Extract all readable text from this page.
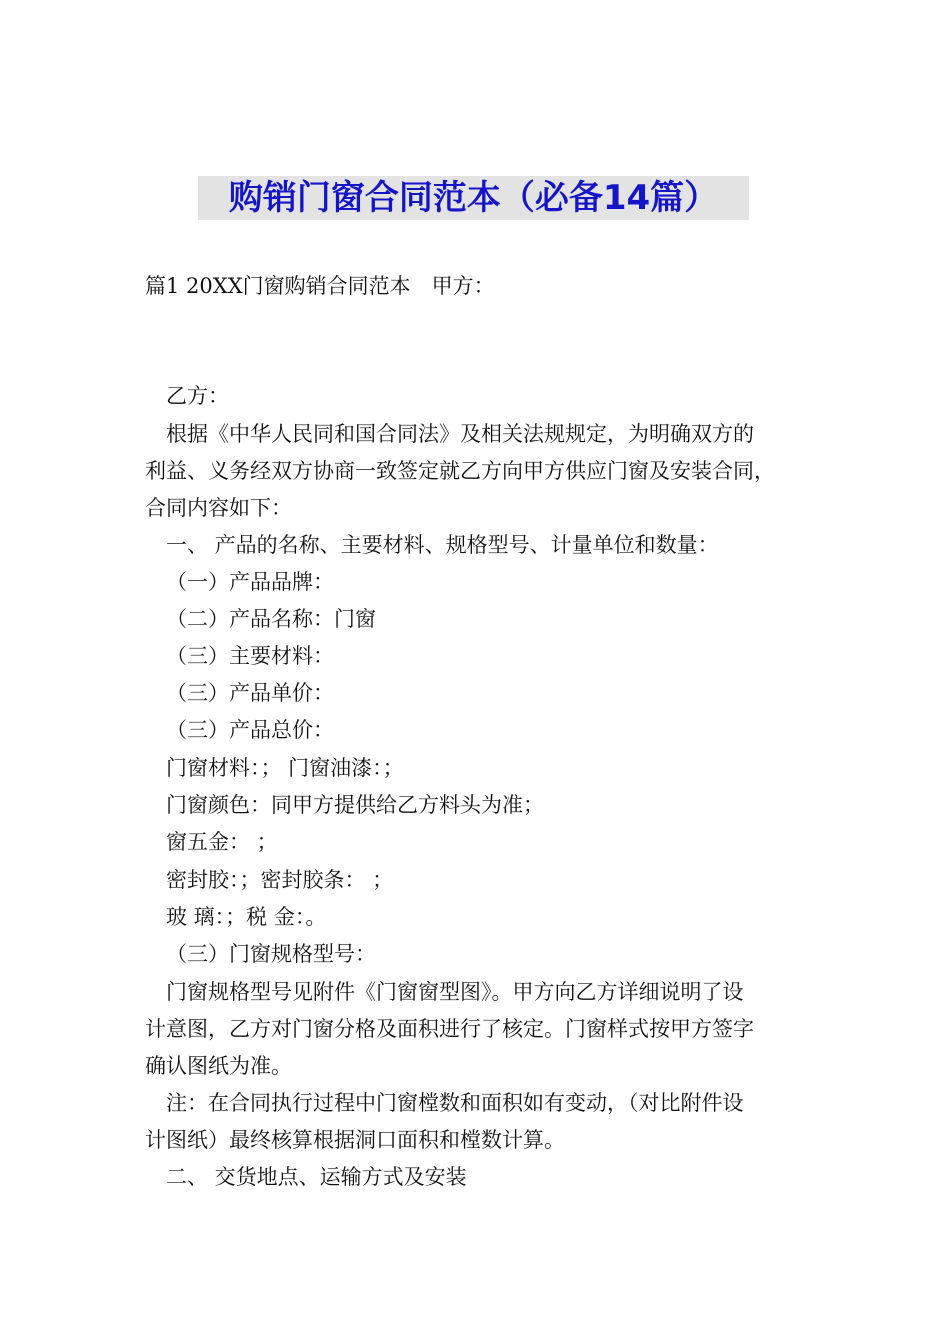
购销门窗合同范本（必备14篇）
篇1 20XX门窗购销合同范本　甲方：
乙方：
根据《中华人民同和国合同法》及相关法规规定，为明确双方的
利益、义务经双方协商一致签定就乙方向甲方供应门窗及安装合同，
合同内容如下：
一、 产品的名称、主要材料、规格型号、计量单位和数量：
（一）产品品牌：
（二）产品名称：门窗
（三）主要材料：
（三）产品单价：
（三）产品总价：
门窗材料：； 门窗油漆：；
门窗颜色：同甲方提供给乙方料头为准；
窗五金： ；
密封胶：；密封胶条： ；
玻 璃：；税 金：。
（三）门窗规格型号：
门窗规格型号见附件《门窗窗型图》。甲方向乙方详细说明了设
计意图，乙方对门窗分格及面积进行了核定。门窗样式按甲方签字
确认图纸为准。
注：在合同执行过程中门窗樘数和面积如有变动，（对比附件设
计图纸）最终核算根据洞口面积和樘数计算。
二、 交货地点、运输方式及安装
